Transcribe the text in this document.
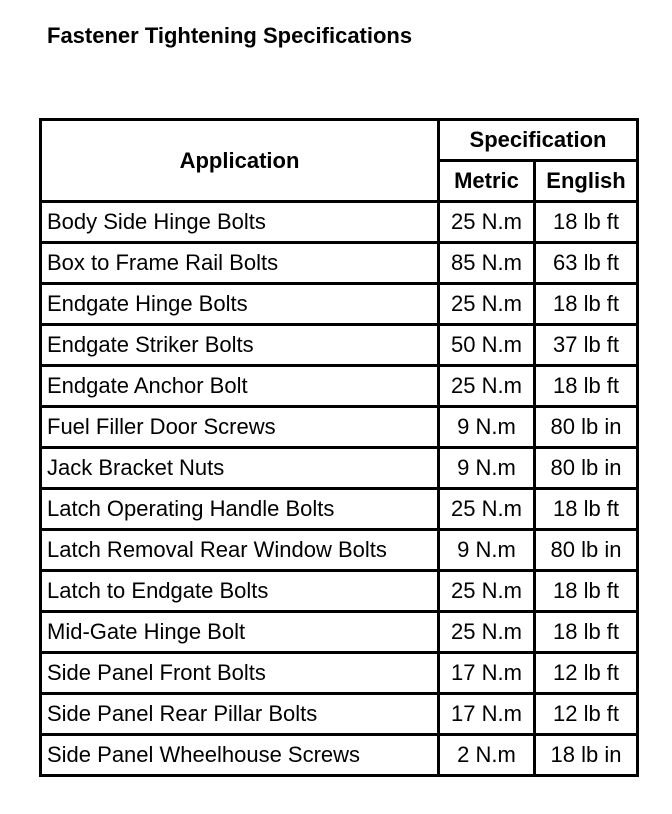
Fastener Tightening Specifications
Application	Specification	
	Metric	English
Body Side Hinge Bolts	25 N.m	18 lb ft
Box to Frame Rail Bolts	85 N.m	63 lb ft
Endgate Hinge Bolts	25 N.m	18 lb ft
Endgate Striker Bolts	50 N.m	37 lb ft
Endgate Anchor Bolt	25 N.m	18 lb ft
Fuel Filler Door Screws	9 N.m	80 lb in
Jack Bracket Nuts	9 N.m	80 lb in
Latch Operating Handle Bolts	25 N.m	18 lb ft
Latch Removal Rear Window Bolts	9 N.m	80 lb in
Latch to Endgate Bolts	25 N.m	18 lb ft
Mid-Gate Hinge Bolt	25 N.m	18 lb ft
Side Panel Front Bolts	17 N.m	12 lb ft
Side Panel Rear Pillar Bolts	17 N.m	12 lb ft
Side Panel Wheelhouse Screws	2 N.m	18 lb in
